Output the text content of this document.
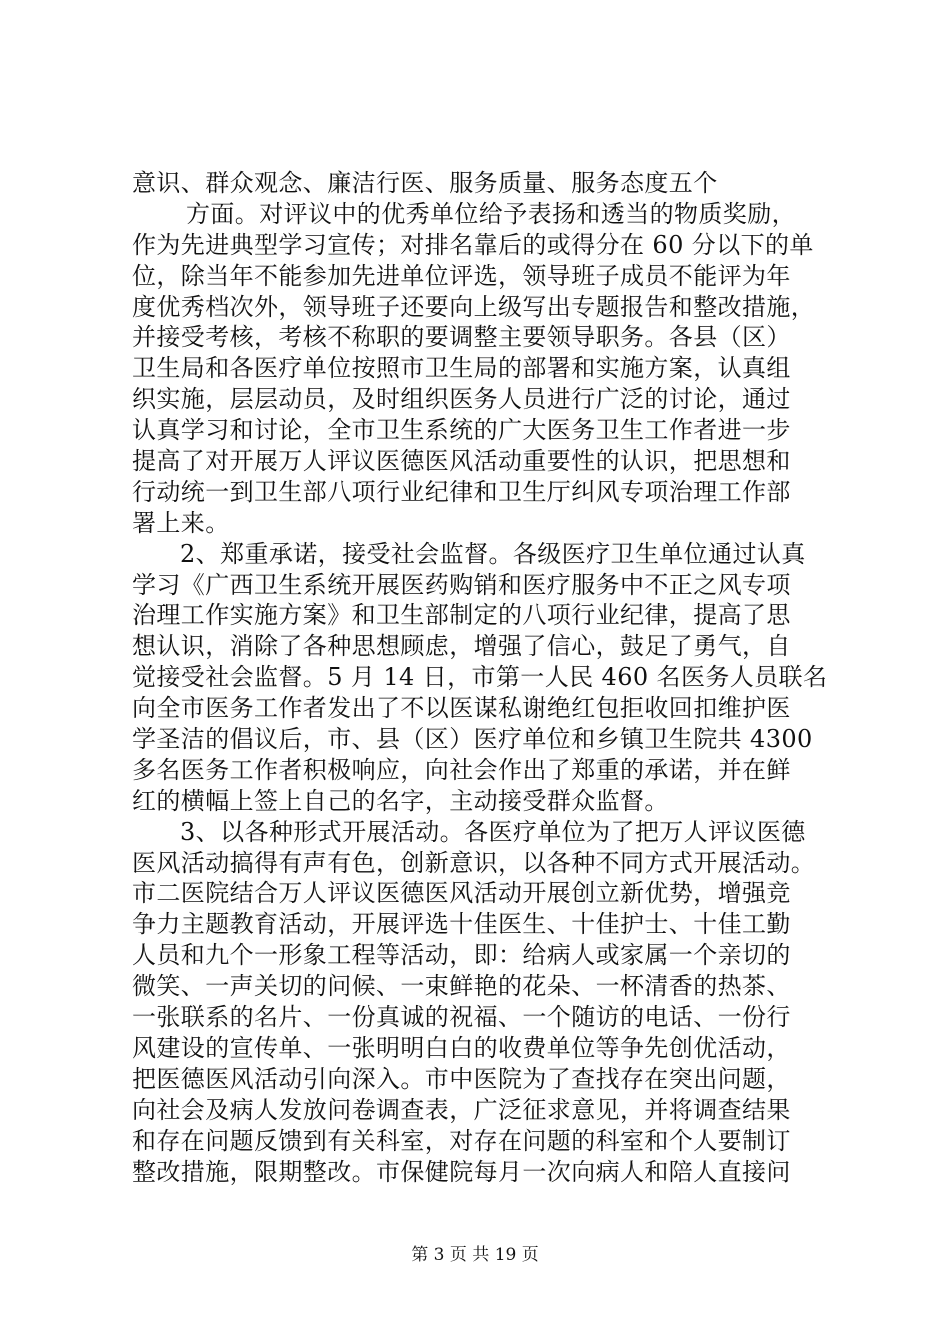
意识、群众观念、廉洁行医、服务质量、服务态度五个
方面。对评议中的优秀单位给予表扬和透当的物质奖励，
作为先进典型学习宣传；对排名靠后的或得分在 60 分以下的单
位，除当年不能参加先进单位评选，领导班子成员不能评为年
度优秀档次外，领导班子还要向上级写出专题报告和整改措施，
并接受考核，考核不称职的要调整主要领导职务。各县（区）
卫生局和各医疗单位按照市卫生局的部署和实施方案，认真组
织实施，层层动员，及时组织医务人员进行广泛的讨论，通过
认真学习和讨论，全市卫生系统的广大医务卫生工作者进一步
提高了对开展万人评议医德医风活动重要性的认识，把思想和
行动统一到卫生部八项行业纪律和卫生厅纠风专项治理工作部
署上来。
2、郑重承诺，接受社会监督。各级医疗卫生单位通过认真
学习《广西卫生系统开展医药购销和医疗服务中不正之风专项
治理工作实施方案》和卫生部制定的八项行业纪律，提高了思
想认识，消除了各种思想顾虑，增强了信心，鼓足了勇气，自
觉接受社会监督。5 月 14 日，市第一人民 460 名医务人员联名
向全市医务工作者发出了不以医谋私谢绝红包拒收回扣维护医
学圣洁的倡议后，市、县（区）医疗单位和乡镇卫生院共 4300
多名医务工作者积极响应，向社会作出了郑重的承诺，并在鲜
红的横幅上签上自己的名字，主动接受群众监督。
3、以各种形式开展活动。各医疗单位为了把万人评议医德
医风活动搞得有声有色，创新意识，以各种不同方式开展活动。
市二医院结合万人评议医德医风活动开展创立新优势，增强竞
争力主题教育活动，开展评选十佳医生、十佳护士、十佳工勤
人员和九个一形象工程等活动，即：给病人或家属一个亲切的
微笑、一声关切的问候、一束鲜艳的花朵、一杯清香的热茶、
一张联系的名片、一份真诚的祝福、一个随访的电话、一份行
风建设的宣传单、一张明明白白的收费单位等争先创优活动，
把医德医风活动引向深入。市中医院为了查找存在突出问题，
向社会及病人发放问卷调查表，广泛征求意见，并将调查结果
和存在问题反馈到有关科室，对存在问题的科室和个人要制订
整改措施，限期整改。市保健院每月一次向病人和陪人直接问
第 3 页 共 19 页
